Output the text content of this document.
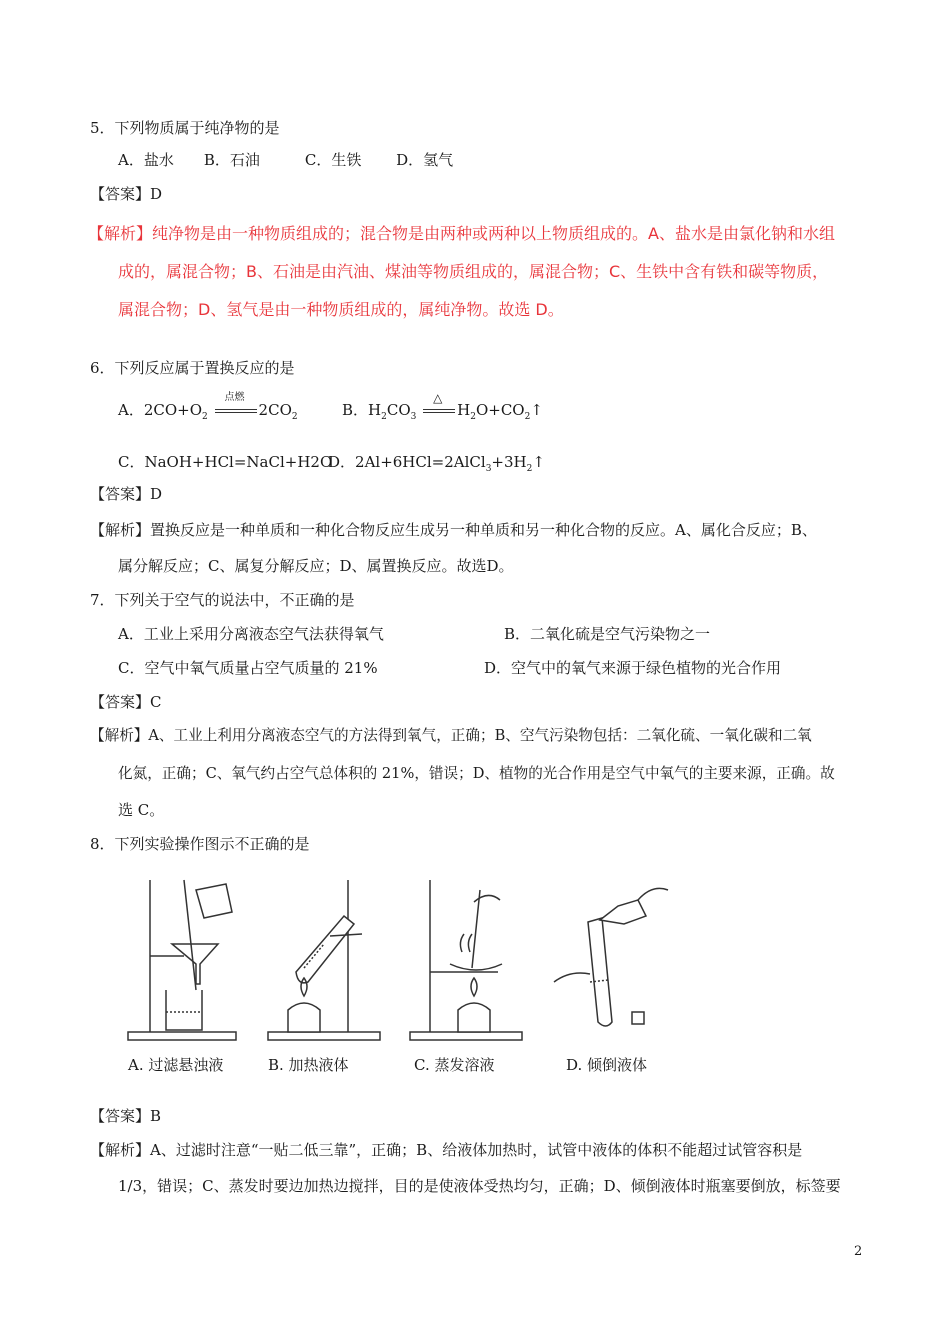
5．下列物质属于纯净物的是
A．盐水　　B．石油　　　C．生铁　　 D．氢气
【答案】D
【解析】纯净物是由一种物质组成的；混合物是由两种或两种以上物质组成的。A、盐水是由氯化钠和水组
成的，属混合物；B、石油是由汽油、煤油等物质组成的，属混合物；C、生铁中含有铁和碳等物质，
属混合物；D、氢气是由一种物质组成的，属纯净物。故选 D。
6．下列反应属于置换反应的是
A．$2CO+O_2$
点燃
$2CO_2$	B．$H_2CO_3$
△
$H_2O+CO_2↑$
C．NaOH+HCl=NaCl+H2O
D．$2Al+6HCl=2AlCl_3+3H_2↑$
【答案】D
【解析】置换反应是一种单质和一种化合物反应生成另一种单质和另一种化合物的反应。A、属化合反应；B、
属分解反应；C、属复分解反应；D、属置换反应。故选D。
7．下列关于空气的说法中，不正确的是
A．工业上采用分离液态空气法获得氧气	B．二氧化硫是空气污染物之一
C．空气中氧气质量占空气质量的 21%	D．空气中的氧气来源于绿色植物的光合作用
【答案】C
【解析】A、工业上利用分离液态空气的方法得到氧气，正确；B、空气污染物包括：二氧化硫、一氧化碳和二氧
化氮，正确；C、氧气约占空气总体积的 21%，错误；D、植物的光合作用是空气中氧气的主要来源，正确。故
选 C。
8．下列实验操作图示不正确的是
A. 过滤悬浊液	B. 加热液体	C. 蒸发溶液	D. 倾倒液体
【答案】B
【解析】A、过滤时注意“一贴二低三靠”，正确；B、给液体加热时，试管中液体的体积不能超过试管容积是
1/3，错误；C、蒸发时要边加热边搅拌，目的是使液体受热均匀，正确；D、倾倒液体时瓶塞要倒放，标签要
2
